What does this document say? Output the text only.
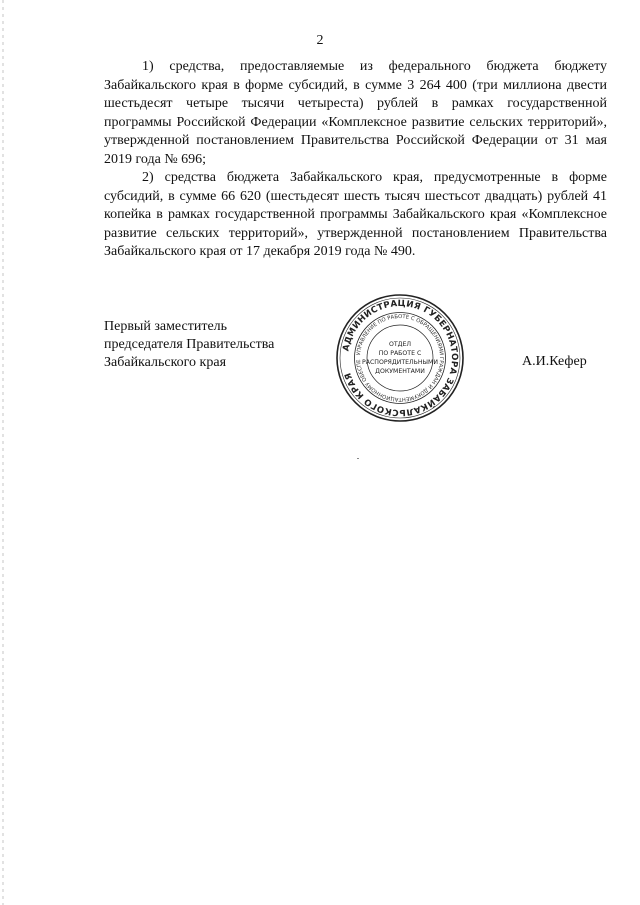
2

1) средства, предоставляемые из федерального бюджета бюджету Забайкальского края в форме субсидий, в сумме 3 264 400 (три миллиона двести шестьдесят четыре тысячи четыреста) рублей в рамках государственной программы Российской Федерации «Комплексное развитие сельских территорий», утвержденной постановлением Правительства Российской Федерации от 31 мая 2019 года № 696;

2) средства бюджета Забайкальского края, предусмотренные в форме субсидий, в сумме 66 620 (шестьдесят шесть тысяч шестьсот двадцать) рублей 41 копейка в рамках государственной программы Забайкальского края «Комплексное развитие сельских территорий», утвержденной постановлением Правительства Забайкальского края от 17 декабря 2019 года № 490.

Первый заместитель
председателя Правительства
Забайкальского края
АДМИНИСТРАЦИЯ ГУБЕРНАТОРА ЗАБАЙКАЛЬСКОГО КРАЯ
УПРАВЛЕНИЕ ПО РАБОТЕ С ОБРАЩЕНИЯМИ ГРАЖДАН И ДОКУМЕНТАЦИОННОМУ ОБЕСПЕ
ОТДЕЛ
ПО РАБОТЕ С
РАСПОРЯДИТЕЛЬНЫМИ
ДОКУМЕНТАМИ
А.И.Кефер
